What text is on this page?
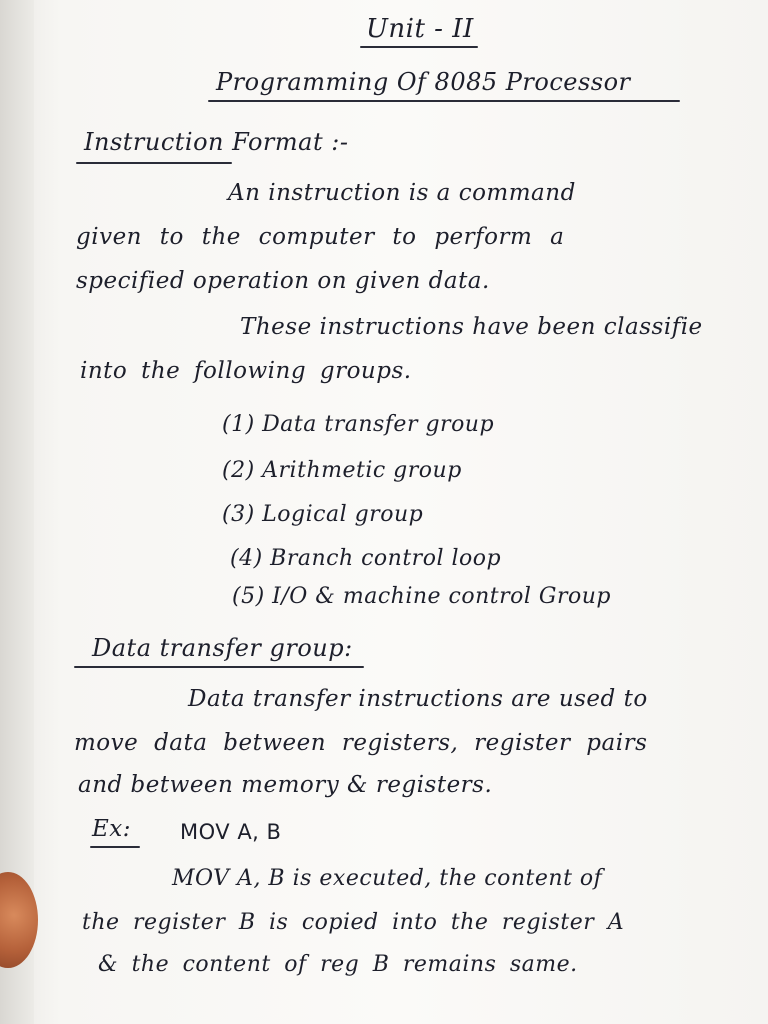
Unit - II
Programming Of 8085 Processor
Instruction Format :-
An instruction is a command
given to the computer to perform a
specified operation on given data.
These instructions have been classifie
into the following groups.
(1) Data transfer group
(2) Arithmetic group
(3) Logical group
(4) Branch control loop
(5) I/O & machine control Group
Data transfer group:
Data transfer instructions are used to
move data between registers, register pairs
and between memory & registers.
Ex: MOV A, B
MOV A, B is executed, the content of
the register B is copied into the register A
& the content of reg B remains same.
